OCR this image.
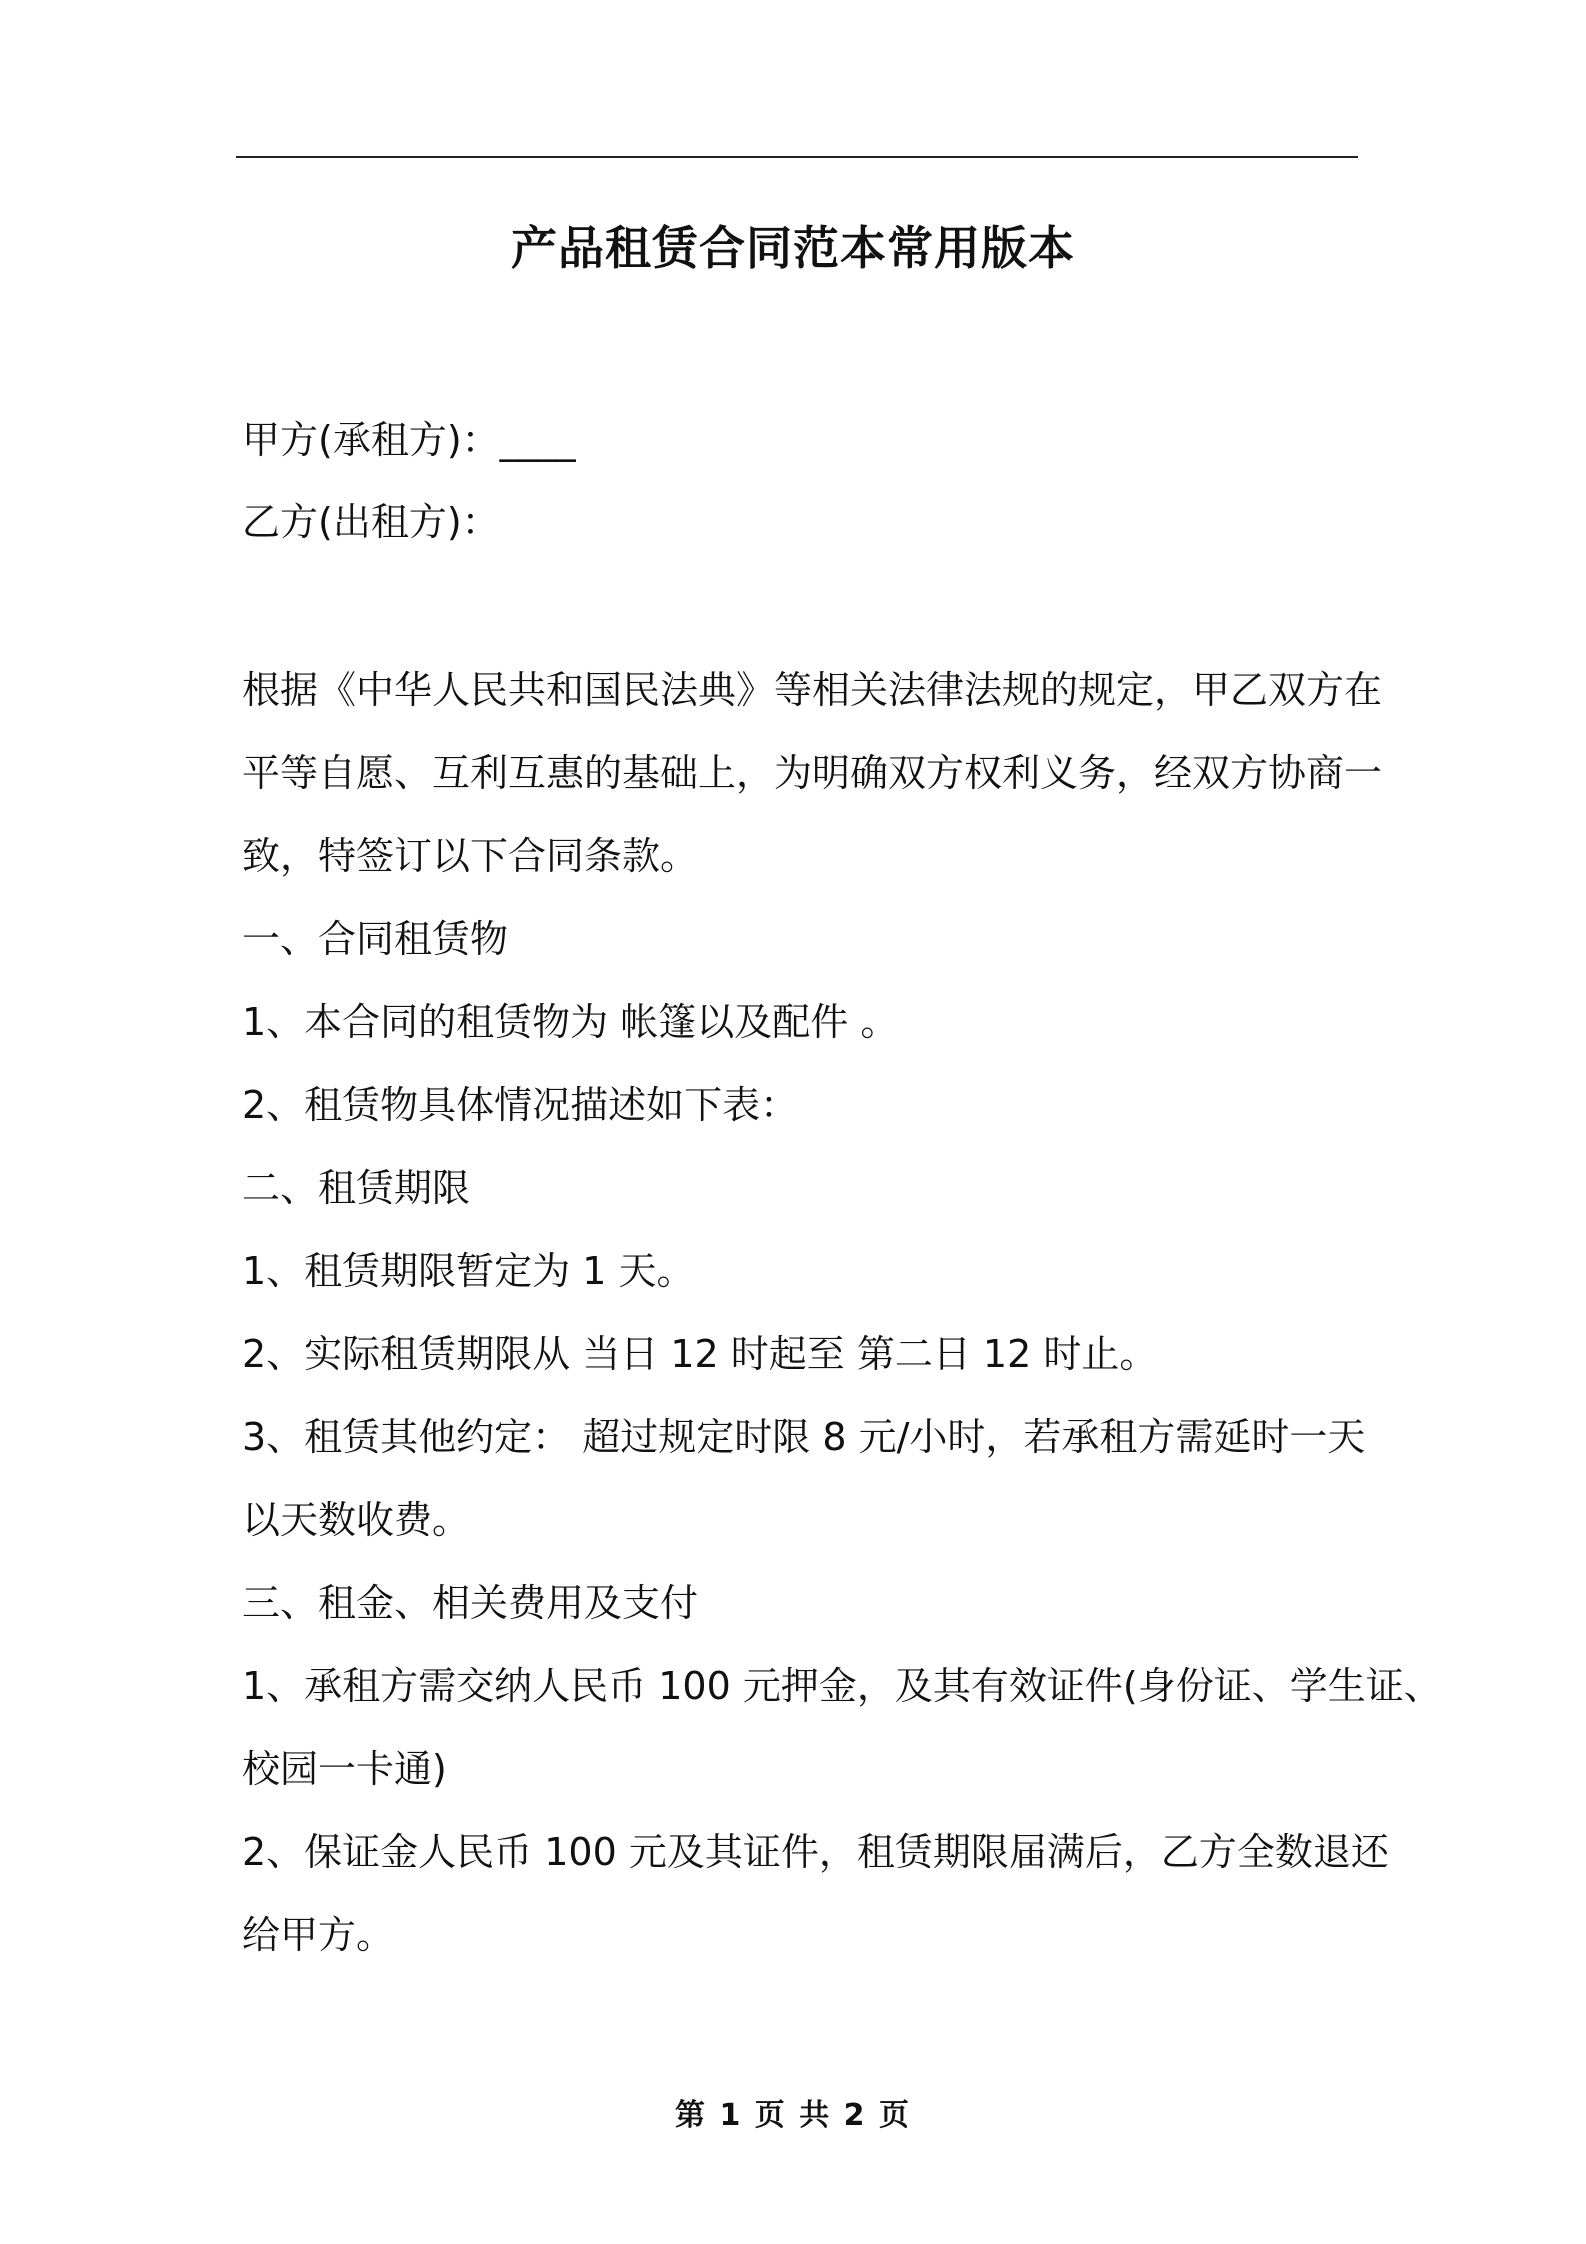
产品租赁合同范本常用版本

甲方(承租方)：____

乙方(出租方)：

根据《中华人民共和国民法典》等相关法律法规的规定，甲乙双方在

平等自愿、互利互惠的基础上，为明确双方权利义务，经双方协商一

致，特签订以下合同条款。

一、合同租赁物

1、本合同的租赁物为 帐篷以及配件 。

2、租赁物具体情况描述如下表：

二、租赁期限

1、租赁期限暂定为 1 天。

2、实际租赁期限从 当日 12 时起至 第二日 12 时止。

3、租赁其他约定： 超过规定时限 8 元/小时，若承租方需延时一天

以天数收费。

三、租金、相关费用及支付

1、承租方需交纳人民币 100 元押金，及其有效证件(身份证、学生证、

校园一卡通)

2、保证金人民币 100 元及其证件，租赁期限届满后，乙方全数退还

给甲方。

第 1 页 共 2 页
